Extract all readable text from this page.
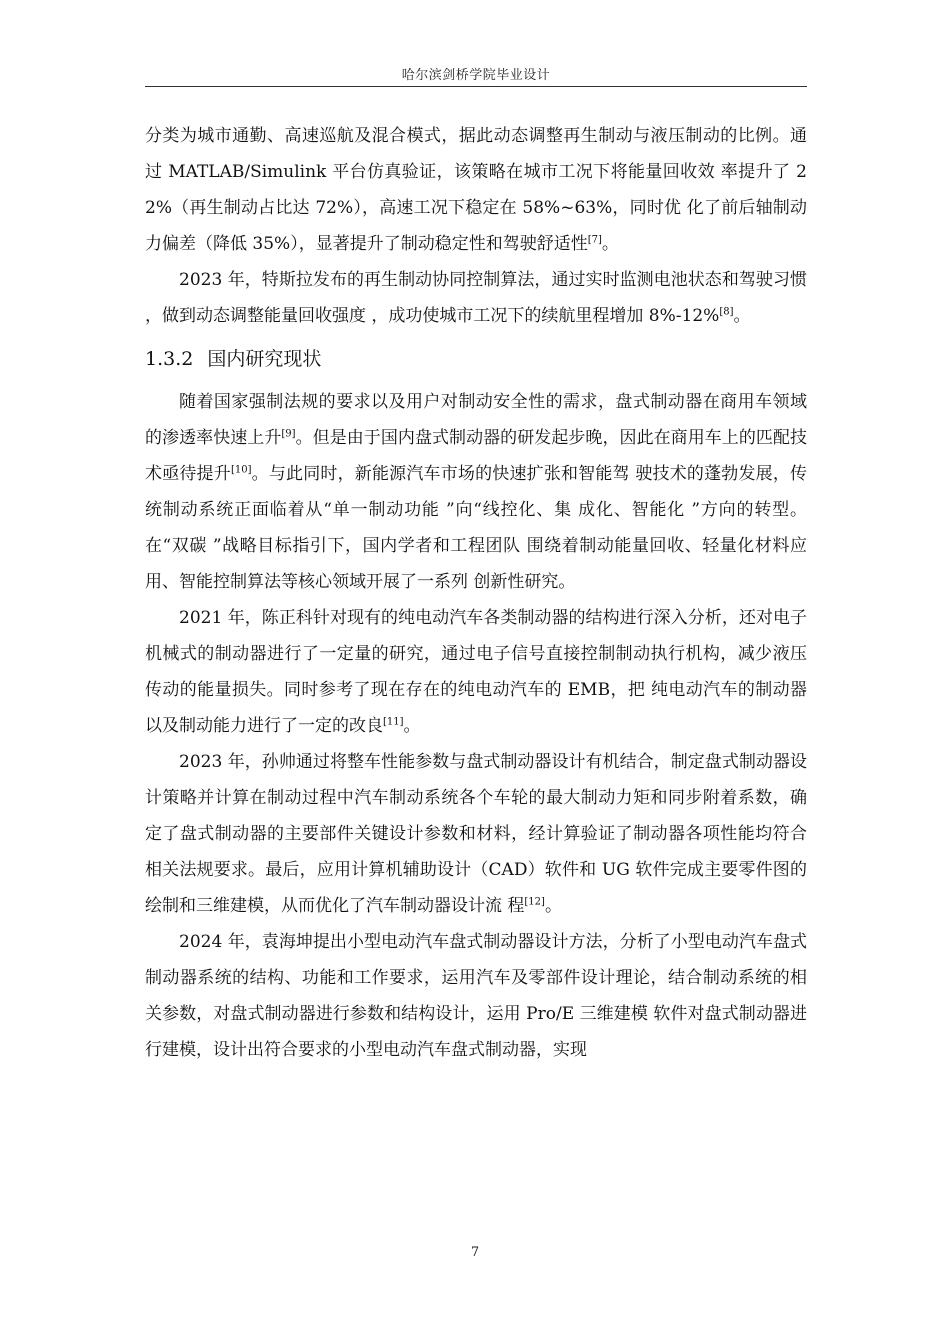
哈尔滨剑桥学院毕业设计

分类为城市通勤、高速巡航及混合模式，据此动态调整再生制动与液压制动的比例。通过 MATLAB/Simulink 平台仿真验证，该策略在城市工况下将能量回收效 率提升了 22%（再生制动占比达 72%），高速工况下稳定在 58%~63%，同时优 化了前后轴制动力偏差（降低 35%），显著提升了制动稳定性和驾驶舒适性[7]。

2023 年，特斯拉发布的再生制动协同控制算法，通过实时监测电池状态和驾驶习惯 ，做到动态调整能量回收强度 ，成功使城市工况下的续航里程增加 8%-12%[8]。

1.3.2 国内研究现状

随着国家强制法规的要求以及用户对制动安全性的需求，盘式制动器在商用车领域的渗透率快速上升[9]。但是由于国内盘式制动器的研发起步晚，因此在商用车上的匹配技术亟待提升[10]。与此同时，新能源汽车市场的快速扩张和智能驾 驶技术的蓬勃发展，传统制动系统正面临着从“单一制动功能 ”向“线控化、集 成化、智能化 ”方向的转型。在“双碳 ”战略目标指引下，国内学者和工程团队 围绕着制动能量回收、轻量化材料应用、智能控制算法等核心领域开展了一系列 创新性研究。

2021 年，陈正科针对现有的纯电动汽车各类制动器的结构进行深入分析，还对电子机械式的制动器进行了一定量的研究，通过电子信号直接控制制动执行机构，减少液压传动的能量损失。同时参考了现在存在的纯电动汽车的 EMB，把 纯电动汽车的制动器以及制动能力进行了一定的改良[11]。

2023 年，孙帅通过将整车性能参数与盘式制动器设计有机结合，制定盘式制动器设计策略并计算在制动过程中汽车制动系统各个车轮的最大制动力矩和同步附着系数，确定了盘式制动器的主要部件关键设计参数和材料，经计算验证了制动器各项性能均符合相关法规要求。最后，应用计算机辅助设计（CAD）软件和 UG 软件完成主要零件图的绘制和三维建模，从而优化了汽车制动器设计流 程[12]。

2024 年，袁海坤提出小型电动汽车盘式制动器设计方法，分析了小型电动汽车盘式制动器系统的结构、功能和工作要求，运用汽车及零部件设计理论，结合制动系统的相关参数，对盘式制动器进行参数和结构设计，运用 Pro/E 三维建模 软件对盘式制动器进行建模，设计出符合要求的小型电动汽车盘式制动器，实现

7
